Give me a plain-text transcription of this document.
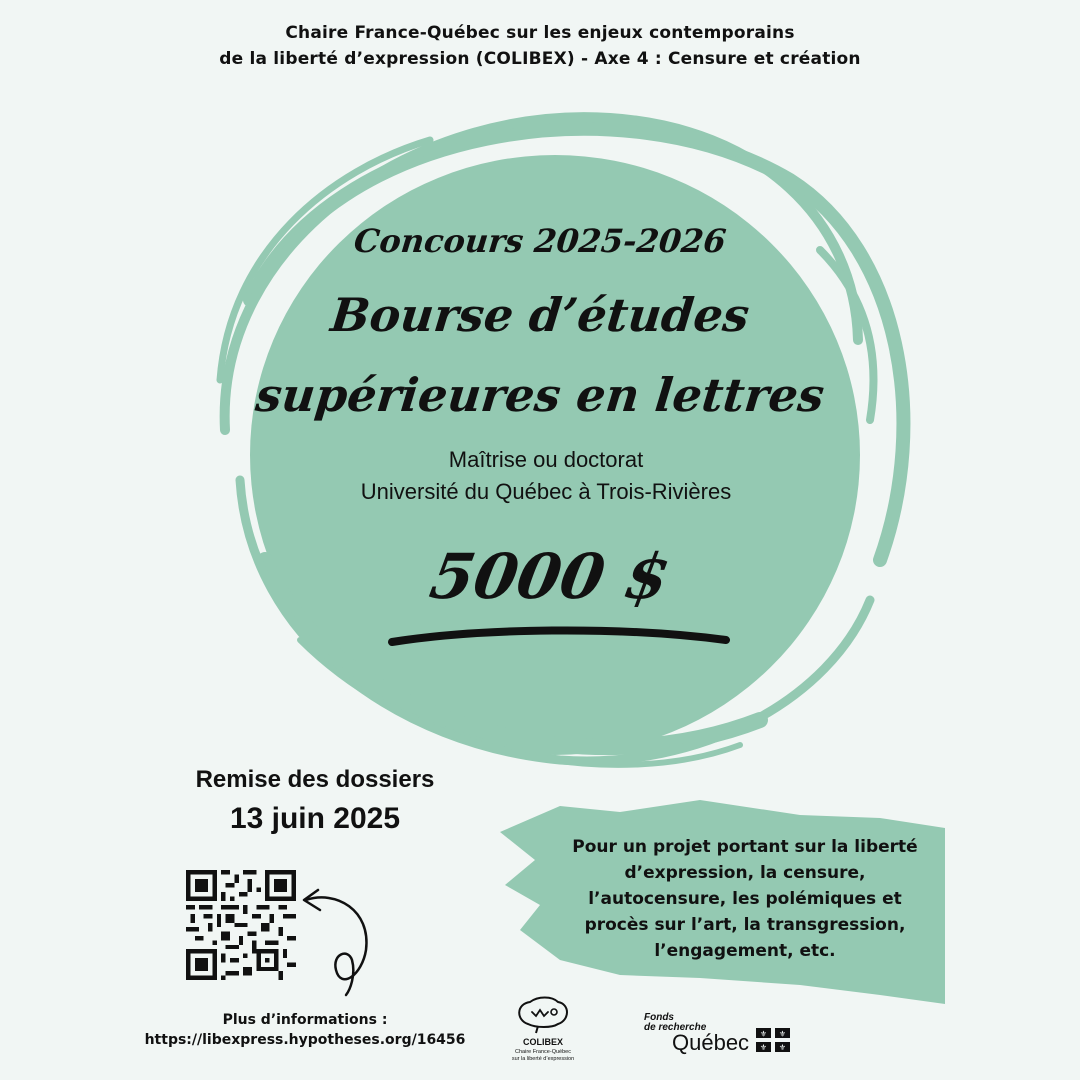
Chaire France-Québec sur les enjeux contemporains
de la liberté d’expression (COLIBEX) - Axe 4 : Censure et création
Concours 2025-2026
Bourse d’études
supérieures en lettres
Maîtrise ou doctorat
Université du Québec à Trois-Rivières
5000 $
Remise des dossiers
13 juin 2025
Pour un projet portant sur la liberté
d’expression, la censure,
l’autocensure, les polémiques et
procès sur l’art, la transgression,
l’engagement, etc.
Plus d’informations :
https://libexpress.hypotheses.org/16456	COLIBEX
Chaire France-Québec
sur la liberté d’expression
Fonds
de recherche
Québec ⚜ ⚜
⚜ ⚜
